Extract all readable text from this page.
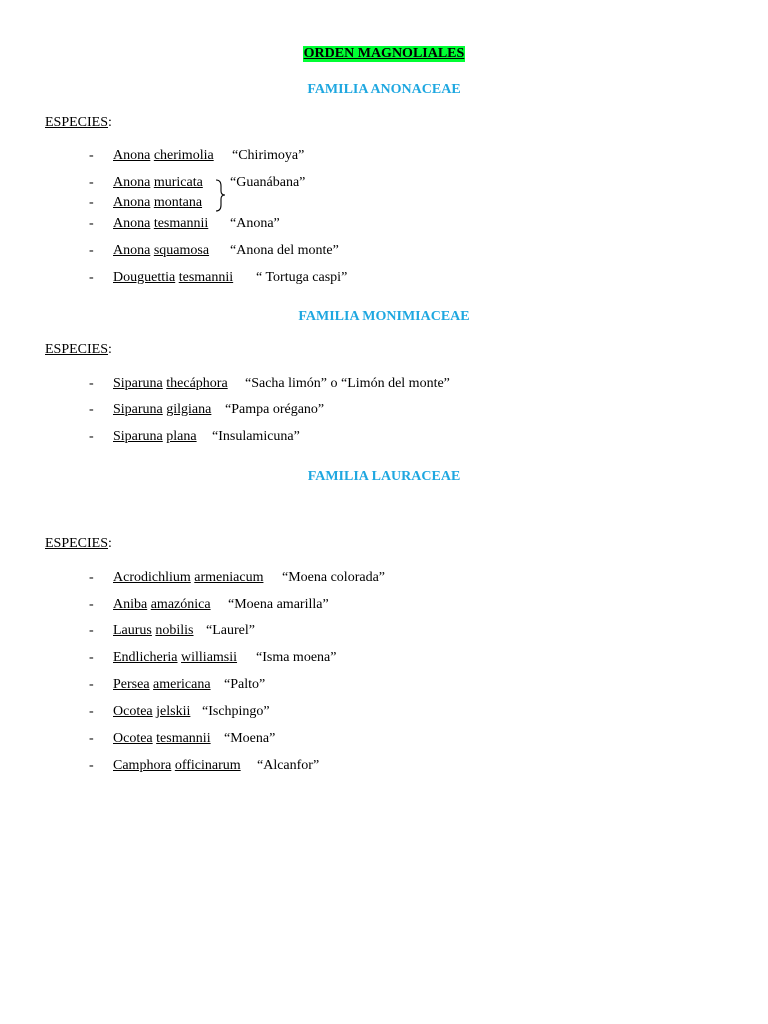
ORDEN MAGNOLIALES
FAMILIA ANONACEAE
ESPECIES:
- Anona cherimolia “Chirimoya”
- Anona muricata “Guanábana”
- Anona montana
- Anona tesmannii “Anona”
- Anona squamosa “Anona del monte”
- Douguettia tesmannii “ Tortuga caspi”
FAMILIA MONIMIACEAE
ESPECIES:
- Siparuna thecáphora “Sacha limón” o “Limón del monte”
- Siparuna gilgiana “Pampa orégano”
- Siparuna plana “Insulamicuna”
FAMILIA LAURACEAE
ESPECIES:
- Acrodichlium armeniacum “Moena colorada”
- Aniba amazónica “Moena amarilla”
- Laurus nobilis “Laurel”
- Endlicheria williamsii “Isma moena”
- Persea americana “Palto”
- Ocotea jelskii “Ischpingo”
- Ocotea tesmannii “Moena”
- Camphora officinarum “Alcanfor”
